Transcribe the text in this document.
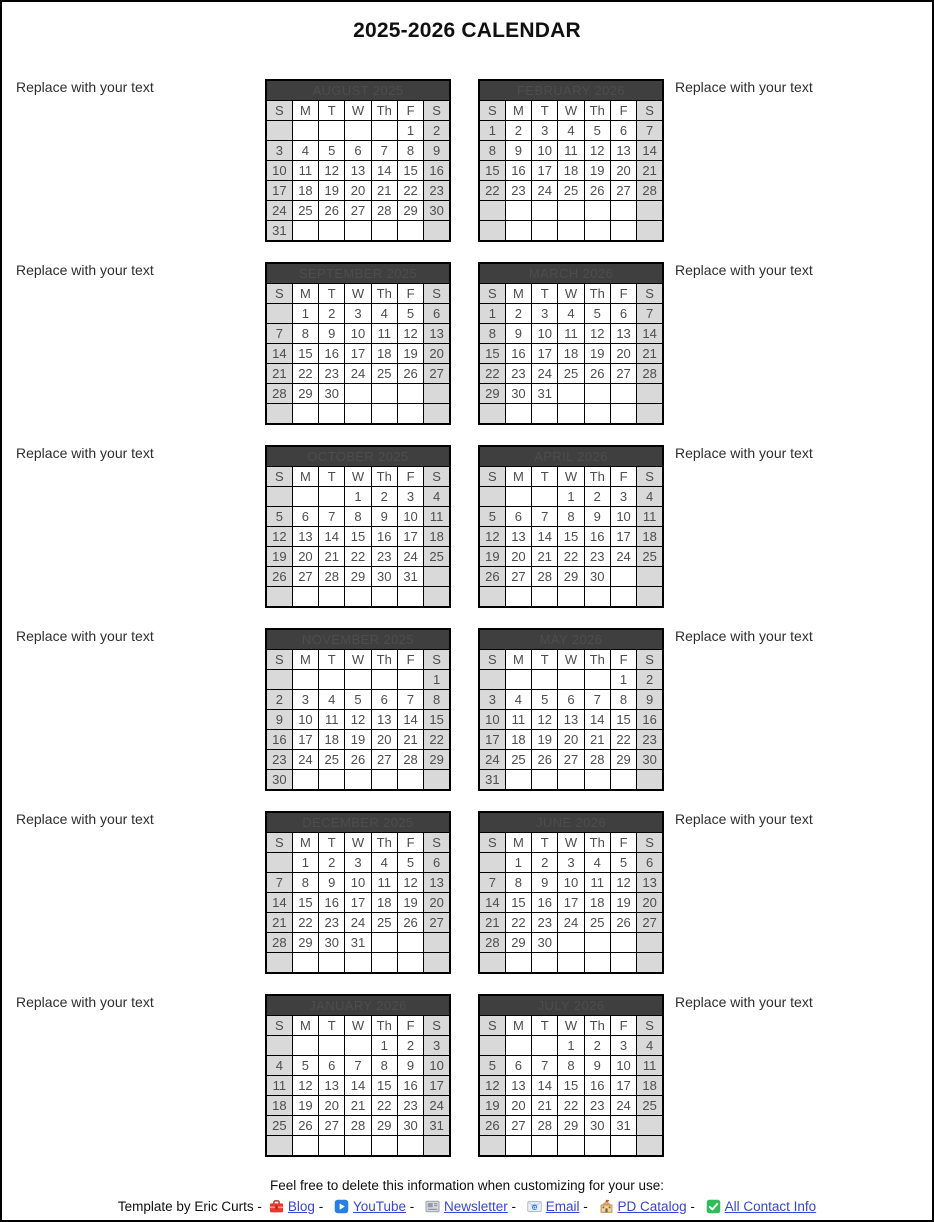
2025-2026 CALENDAR
Replace with your text	AUGUST 2025						
S	M	T	W	Th	F	S
					1	2
3	4	5	6	7	8	9
10	11	12	13	14	15	16
17	18	19	20	21	22	23
24	25	26	27	28	29	30
31						
FEBRUARY 2026						
S	M	T	W	Th	F	S
1	2	3	4	5	6	7
8	9	10	11	12	13	14
15	16	17	18	19	20	21
22	23	24	25	26	27	28

Replace with your text
Replace with your text	SEPTEMBER 2025						
S	M	T	W	Th	F	S
	1	2	3	4	5	6
7	8	9	10	11	12	13
14	15	16	17	18	19	20
21	22	23	24	25	26	27
28	29	30				

MARCH 2026						
S	M	T	W	Th	F	S
1	2	3	4	5	6	7
8	9	10	11	12	13	14
15	16	17	18	19	20	21
22	23	24	25	26	27	28
29	30	31				

Replace with your text
Replace with your text	OCTOBER 2025						
S	M	T	W	Th	F	S
			1	2	3	4
5	6	7	8	9	10	11
12	13	14	15	16	17	18
19	20	21	22	23	24	25
26	27	28	29	30	31	

APRIL 2026						
S	M	T	W	Th	F	S
			1	2	3	4
5	6	7	8	9	10	11
12	13	14	15	16	17	18
19	20	21	22	23	24	25
26	27	28	29	30		

Replace with your text
Replace with your text	NOVEMBER 2025						
S	M	T	W	Th	F	S
						1
2	3	4	5	6	7	8
9	10	11	12	13	14	15
16	17	18	19	20	21	22
23	24	25	26	27	28	29
30						
MAY 2026						
S	M	T	W	Th	F	S
					1	2
3	4	5	6	7	8	9
10	11	12	13	14	15	16
17	18	19	20	21	22	23
24	25	26	27	28	29	30
31						
Replace with your text
Replace with your text	DECEMBER 2025						
S	M	T	W	Th	F	S
	1	2	3	4	5	6
7	8	9	10	11	12	13
14	15	16	17	18	19	20
21	22	23	24	25	26	27
28	29	30	31			

JUNE 2026						
S	M	T	W	Th	F	S
	1	2	3	4	5	6
7	8	9	10	11	12	13
14	15	16	17	18	19	20
21	22	23	24	25	26	27
28	29	30				

Replace with your text
Replace with your text	JANUARY 2026						
S	M	T	W	Th	F	S
				1	2	3
4	5	6	7	8	9	10
11	12	13	14	15	16	17
18	19	20	21	22	23	24
25	26	27	28	29	30	31

JULY 2026						
S	M	T	W	Th	F	S
			1	2	3	4
5	6	7	8	9	10	11
12	13	14	15	16	17	18
19	20	21	22	23	24	25
26	27	28	29	30	31	

Replace with your text
Feel free to delete this information when customizing for your use:
Template by Eric Curts - Blog - YouTube - Newsletter - @ Email - PD Catalog - All Contact Info
